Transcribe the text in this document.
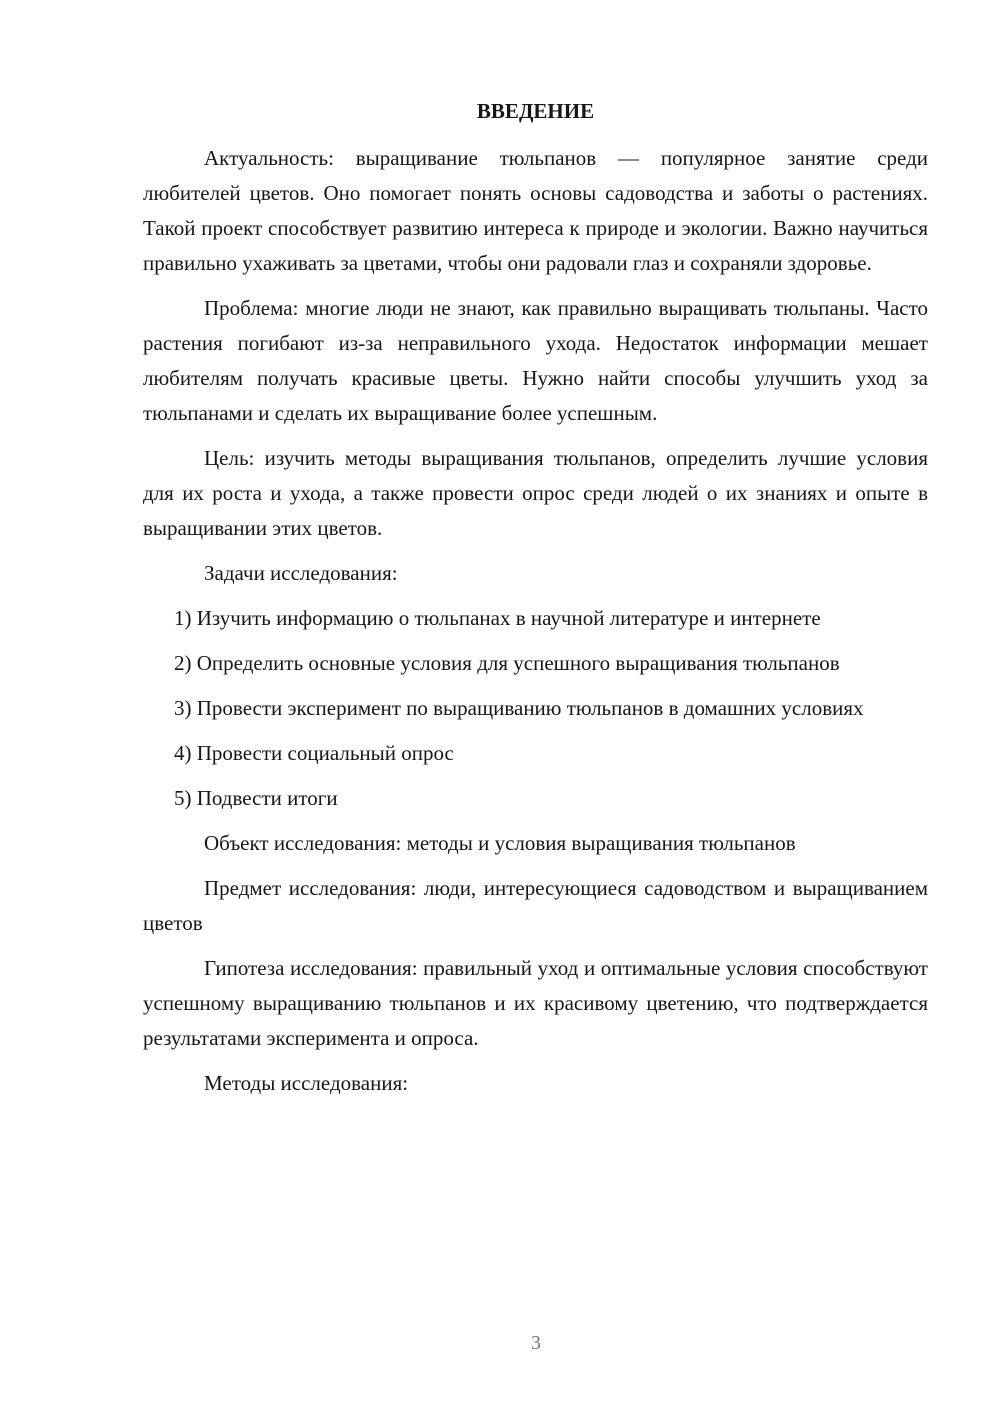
ВВЕДЕНИЕ

Актуальность: выращивание тюльпанов — популярное занятие среди любителей цветов. Оно помогает понять основы садоводства и заботы о растениях. Такой проект способствует развитию интереса к природе и экологии. Важно научиться правильно ухаживать за цветами, чтобы они радовали глаз и сохраняли здоровье.

Проблема: многие люди не знают, как правильно выращивать тюльпаны. Часто растения погибают из-за неправильного ухода. Недостаток информации мешает любителям получать красивые цветы. Нужно найти способы улучшить уход за тюльпанами и сделать их выращивание более успешным.

Цель: изучить методы выращивания тюльпанов, определить лучшие условия для их роста и ухода, а также провести опрос среди людей о их знаниях и опыте в выращивании этих цветов.

Задачи исследования:

1) Изучить информацию о тюльпанах в научной литературе и интернете

2) Определить основные условия для успешного выращивания тюльпанов

3) Провести эксперимент по выращиванию тюльпанов в домашних условиях

4) Провести социальный опрос

5) Подвести итоги

Объект исследования: методы и условия выращивания тюльпанов

Предмет исследования: люди, интересующиеся садоводством и выращиванием цветов

Гипотеза исследования: правильный уход и оптимальные условия способствуют успешному выращиванию тюльпанов и их красивому цветению, что подтверждается результатами эксперимента и опроса.

Методы исследования:

3
